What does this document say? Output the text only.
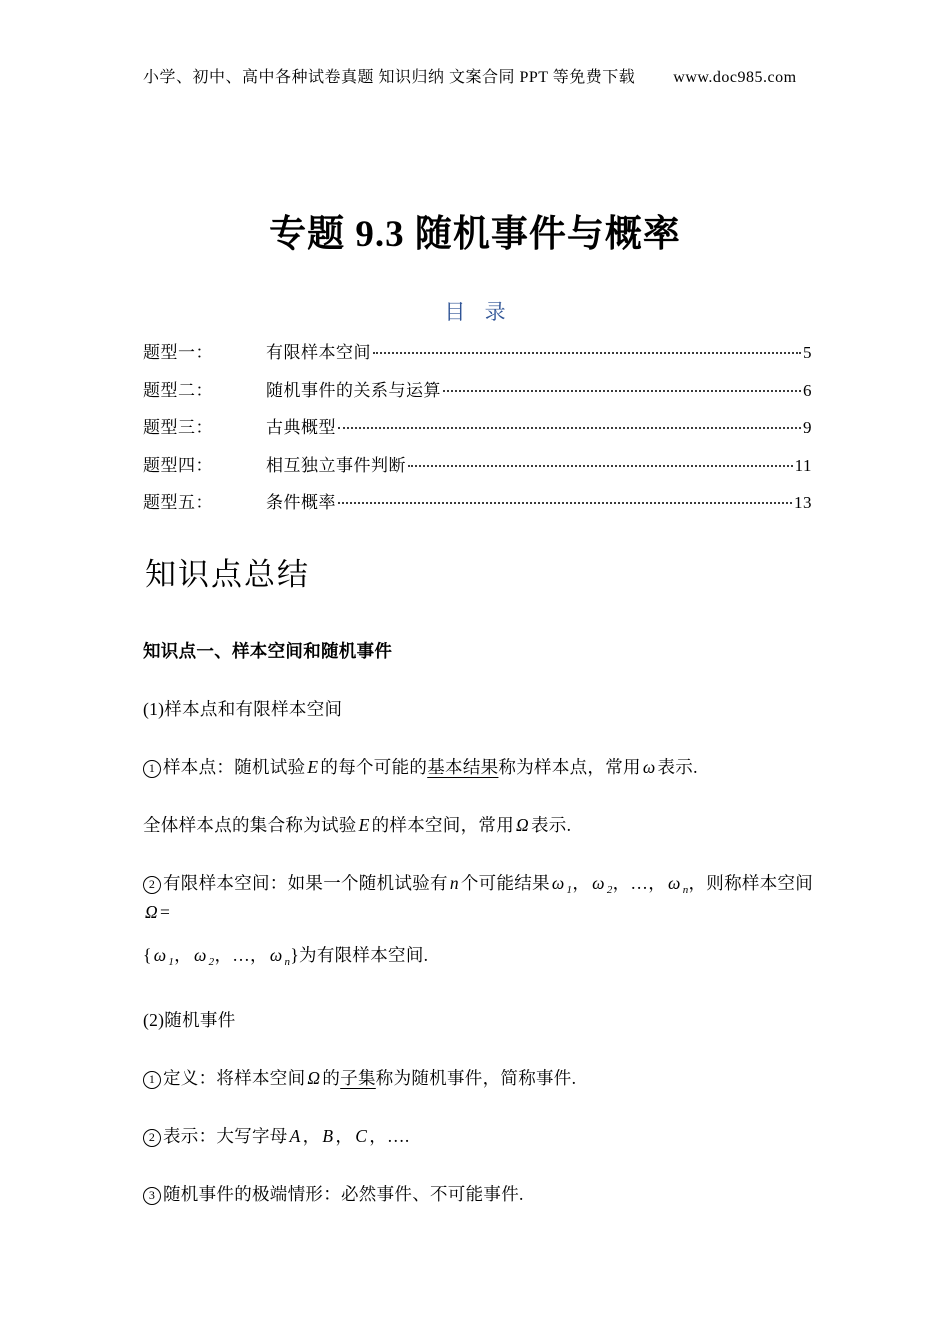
小学、初中、高中各种试卷真题 知识归纳 文案合同 PPT 等免费下载 www.doc985.com
专题 9.3 随机事件与概率
目 录
题型一：	有限样本空间	5
题型二：	随机事件的关系与运算	6
题型三：	古典概型	9
题型四：	相互独立事件判断	11
题型五：	条件概率	13
知识点总结

知识点一、样本空间和随机事件

(1)样本点和有限样本空间

1 样本点：随机试验 E 的每个可能的基本结果称为样本点，常用 ω 表示.

全体样本点的集合称为试验 E 的样本空间，常用 Ω 表示.

2 有限样本空间：如果一个随机试验有 n 个可能结果 ω $_1$， ω $_2$，…， ω $_n$，则称样本空间Ω =

{ ω $_1$， ω $_2$，…， ω $_n$}为有限样本空间.

(2)随机事件

1 定义：将样本空间 Ω 的子集称为随机事件，简称事件.

2 表示：大写字母 A ， B ， C ，….

3 随机事件的极端情形：必然事件、不可能事件.
